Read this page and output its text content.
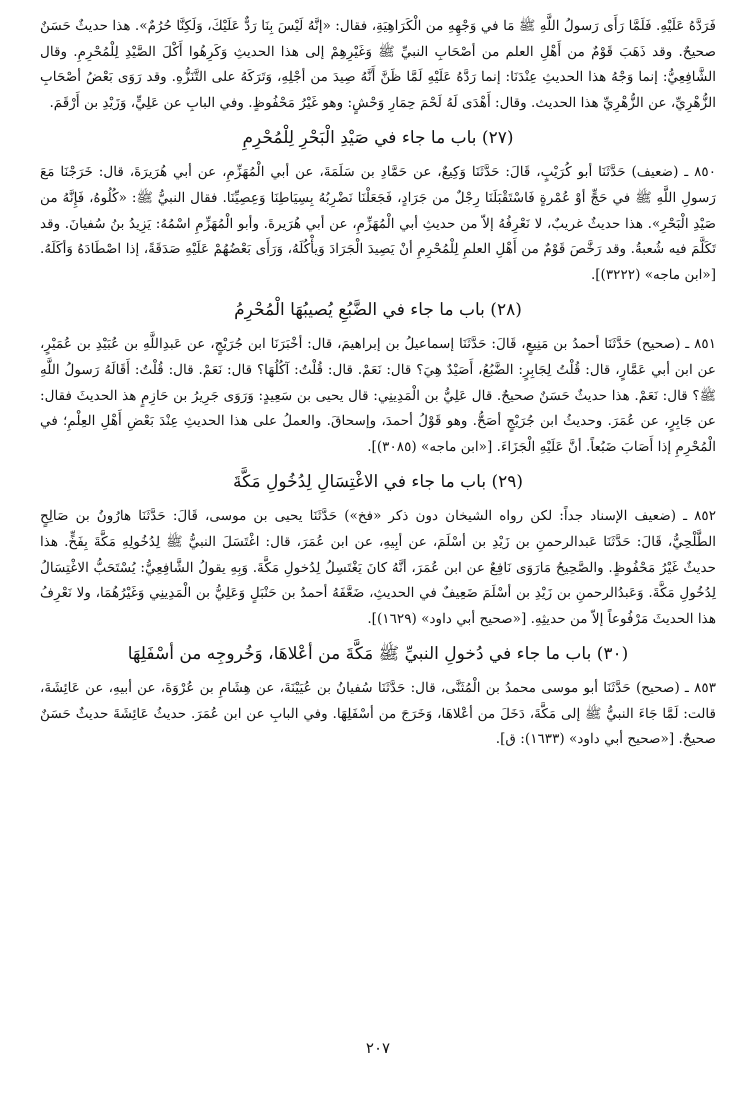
فَرَدَّهُ عَلَيْهِ. فَلَمَّا رَأَى رَسولُ اللَّهِ ﷺ مَا في وَجْهِهِ من الْكَرَاهِيَةِ، فقال: «إنَّهُ لَيْسَ بِنَا رَدٌّ عَلَيْكَ، وَلَكِنَّا حُرُمٌ». هذا حديثٌ حَسَنٌ صحيحٌ. وقد ذَهَبَ قَوْمٌ من أَهْلِ العلم من أصْحَابِ النبيِّ ﷺ وَغَيْرِهِمْ إلى هذا الحديثِ وَكَرِهُوا أَكْلَ الصَّيْدِ لِلْمُحْرِمِ. وقال الشَّافِعِيُّ: إنما وَجْهُ هذا الحديثِ عِنْدَنَا: إنما رَدَّهُ عَلَيْهِ لَمَّا ظَنَّ أَنَّهُ صِيدَ من أجْلِهِ، وَتَرَكَهُ على التَّنَزُّهِ. وقد رَوَى بَعْضُ أصْحَابِ الزُّهْرِيِّ، عن الزُّهْرِيِّ هذا الحديث. وقال: أَهْدَى لَهُ لَحْمَ حِمَارِ وَحْشٍ: وهو غَيْرُ مَحْفُوظٍ. وفي البابِ عن عَلِيٍّ، وَزَيْدِ بن أَرْقَمَ.

(٢٧) باب ما جاء في صَيْدِ الْبَحْرِ لِلْمُحْرِمِ

٨٥٠ ـ (ضعيف) حَدَّثَنَا أبو كُرَيْبٍ، قَالَ: حَدَّثَنَا وَكِيعٌ، عن حَمَّادِ بن سَلَمَةَ، عن أبي الْمُهَزِّمِ، عن أبي هُرَيرَةَ، قال: خَرَجْنَا مَعَ رَسولِ اللَّهِ ﷺ في حَجٍّ أوْ عُمْرةٍ فَاسْتَقْبَلَنَا رِجْلٌ من جَرَادٍ، فَجَعَلْنَا نَضْرِبُهُ بِسِيَاطِنَا وَعِصِيِّنَا. فقال النبيُّ ﷺ: «كُلُوهُ، فَإِنَّهُ من صَيْدِ الْبَحْرِ». هذا حديثٌ غريبٌ، لا نَعْرِفُهُ إلاّ من حديثِ أبي الْمُهَزِّمِ، عن أبي هُرَيرةَ. وأبو الْمُهَزِّمِ اسْمُهُ: يَزِيدُ بنُ سُفيانَ. وقد تَكَلَّمَ فيه شُعبةُ. وقد رَخَّصَ قَوْمٌ من أَهْلِ العلمِ لِلْمُحْرِمِ أنْ يَصِيدَ الْجَرَادَ وَيأْكُلَهُ، وَرَأَى بَعْضُهُمْ عَلَيْهِ صَدَقَةً، إذا اصْطَادَهُ وَأكَلَهُ. [«ابن ماجه» (٣٢٢٢)].

(٢٨) باب ما جاء في الضَّبُعِ يُصيبُهَا الْمُحْرِمُ

٨٥١ ـ (صحيح) حَدَّثَنَا أحمدُ بن مَنِيعٍ، قَالَ: حَدَّثَنَا إسماعيلُ بن إبراهيمَ، قال: أخْبَرَنَا ابن جُرَيْجٍ، عن عَبدِاللَّهِ بن عُبَيْدِ بن عُمَيْرٍ، عن ابن أبي عَمَّارٍ، قال: قُلْتُ لِجَابِرٍ: الضَّبُعُ، أَصَيْدٌ هِيَ؟ قال: نَعَمْ. قال: قُلْتُ: آكُلُهَا؟ قال: نَعَمْ. قال: قُلْتُ: أَقَالَهُ رَسولُ اللَّهِ ﷺ؟ قال: نَعَمْ. هذا حديثٌ حَسَنٌ صحيحٌ. قال عَلِيُّ بن الْمَدِينِي: قال يحيى بن سَعِيدٍ: وَرَوَى جَرِيرُ بن حَازِمٍ هذ الحديثَ فقال: عن جَابِرٍ، عن عُمَرَ. وحديثُ ابن جُرَيْجٍ أصَحُّ. وهو قَوْلُ أحمدَ، وإسحاقَ. والعملُ على هذا الحديثِ عِنْدَ بَعْضِ أَهْلِ العِلْمِ؛ في الْمُحْرِمِ إذا أَصَابَ ضَبُعاً. أنَّ عَلَيْهِ الْجَزَاءَ. [«ابن ماجه» (٣٠٨٥)].

(٢٩) باب ما جاء في الاغْتِسَالِ لِدُخُولِ مَكَّةَ

٨٥٢ ـ (ضعيف الإسناد جداً: لكن رواه الشيخان دون ذكر «فخ») حَدَّثَنَا يحيى بن موسى، قَالَ: حَدَّثَنَا هارُونُ بن صَالِحٍ الطَّلْحِيُّ، قَالَ: حَدَّثَنَا عَبدالرحمنِ بن زَيْدِ بن أسْلَمَ، عن أبِيهِ، عن ابن عُمَرَ، قال: اغْتَسَلَ النبيُّ ﷺ لِدُخُولِهِ مَكَّةَ بِفَخٍّ. هذا حديثٌ غَيْرُ مَحْفُوظٍ. والصَّحِيحُ مَارَوَى نَافِعٌ عن ابن عُمَرَ، أنَّهُ كانَ يَغْتَسِلُ لِدُخولِ مَكَّةَ. وَبِهِ يقولُ الشَّافِعِيُّ: يُسْتَحَبُّ الاغْتِسَالُ لِدُخُولِ مَكَّةَ. وَعَبدُالرحمنِ بن زَيْدِ بن أسْلَمَ ضَعِيفٌ في الحديثِ، ضَعَّفَهُ أحمدُ بن حَنْبَلٍ وَعَلِيُّ بن الْمَدِينِي وَغَيْرُهُمَا، ولا نَعْرِفُ هذا الحديثَ مَرْفُوعاً إلاّ من حديثِهِ. [«صحيح أبي داود» (١٦٢٩)].

(٣٠) باب ما جاء في دُخولِ النبيِّ ﷺ مَكَّةَ من أعْلاهَا، وَخُروجِه من أسْفَلِهَا

٨٥٣ ـ (صحيح) حَدَّثَنَا أبو موسى محمدُ بن الْمُثَنَّى، قال: حَدَّثَنَا سُفيانُ بن عُيَيْنَةَ، عن هِشَامِ بن عُرْوَةَ، عن أبيهِ، عن عَائِشَةَ، قالت: لَمَّا جَاءَ النبيُّ ﷺ إلى مَكَّةَ، دَخَلَ من أعْلاهَا، وَخَرَجَ من أسْفَلِهَا. وفي البابِ عن ابن عُمَرَ. حديثُ عَائِشَةَ حديثٌ حَسَنٌ صحيحٌ. [«صحيح أبي داود» (١٦٣٣): ق].

٢٠٧
